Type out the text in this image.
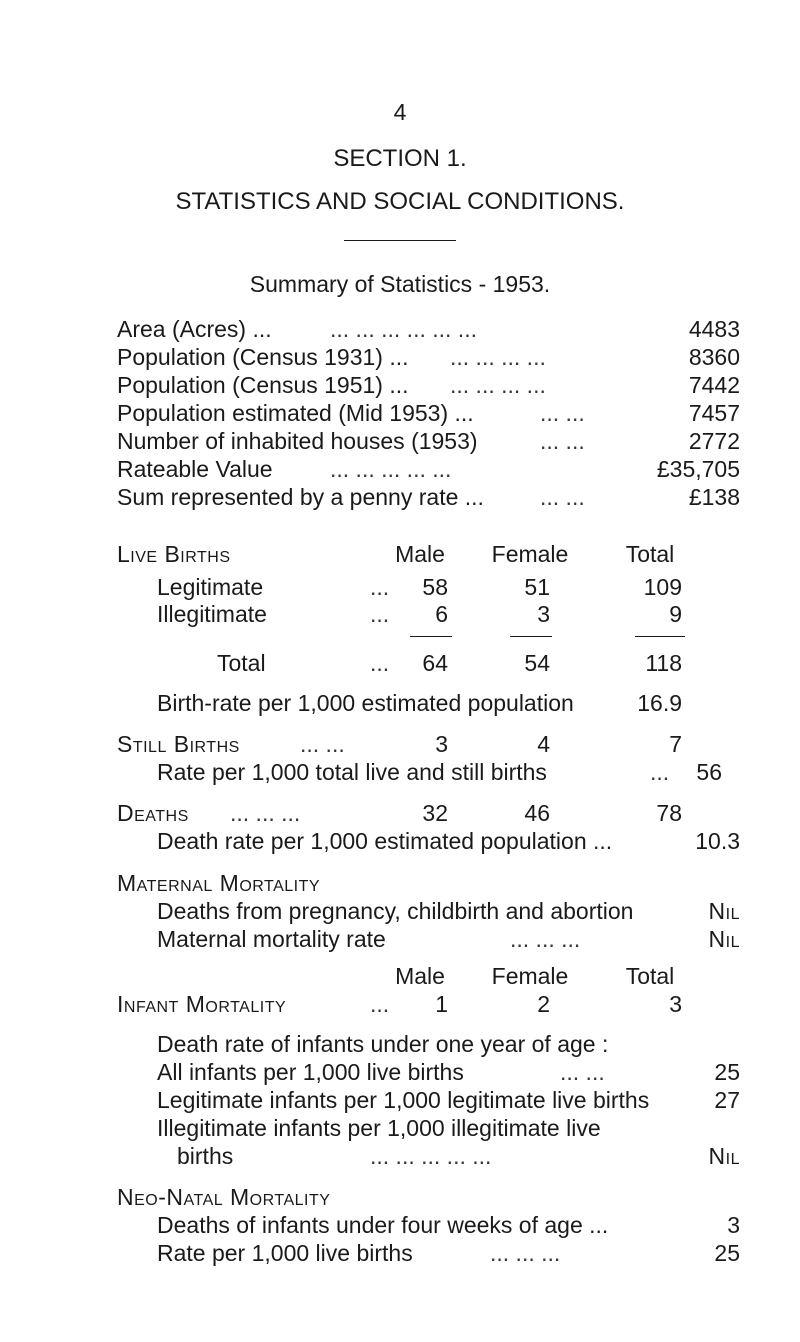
4
SECTION 1.
STATISTICS AND SOCIAL CONDITIONS.
Summary of Statistics - 1953.
Area (Acres) ...	... ... ... ... ... ...	4483
Population (Census 1931) ... ... ... ... ...	8360
Population (Census 1951) ... ... ... ... ...	7442
Population estimated (Mid 1953) ...	... ...	7457
Number of inhabited houses (1953)	... ...	2772
Rateable Value ... ... ... ... ...	£35,705
Sum represented by a penny rate ... ... ...	£138
Live Births	Male	Female	Total
Legitimate	...	58	51	109
Illegitimate	...	6	3	9
Total	...	64	54	118
Birth-rate per 1,000 estimated population	16.9
Still Births	... ...	3	4	7
Rate per 1,000 total live and still births	...	56
Deaths ... ... ...	32	46	78
Death rate per 1,000 estimated population ...	10.3
Maternal Mortality
Deaths from pregnancy, childbirth and abortion	Nil
Maternal mortality rate	... ... ...	Nil
Male	Female	Total
Infant Mortality	...	1	2	3
Death rate of infants under one year of age :
All infants per 1,000 live births	... ...	25
Legitimate infants per 1,000 legitimate live births	27
Illegitimate infants per 1,000 illegitimate live
births	... ... ... ... ...	Nil
Neo-Natal Mortality
Deaths of infants under four weeks of age ...	3
Rate per 1,000 live births	... ... ...	25
